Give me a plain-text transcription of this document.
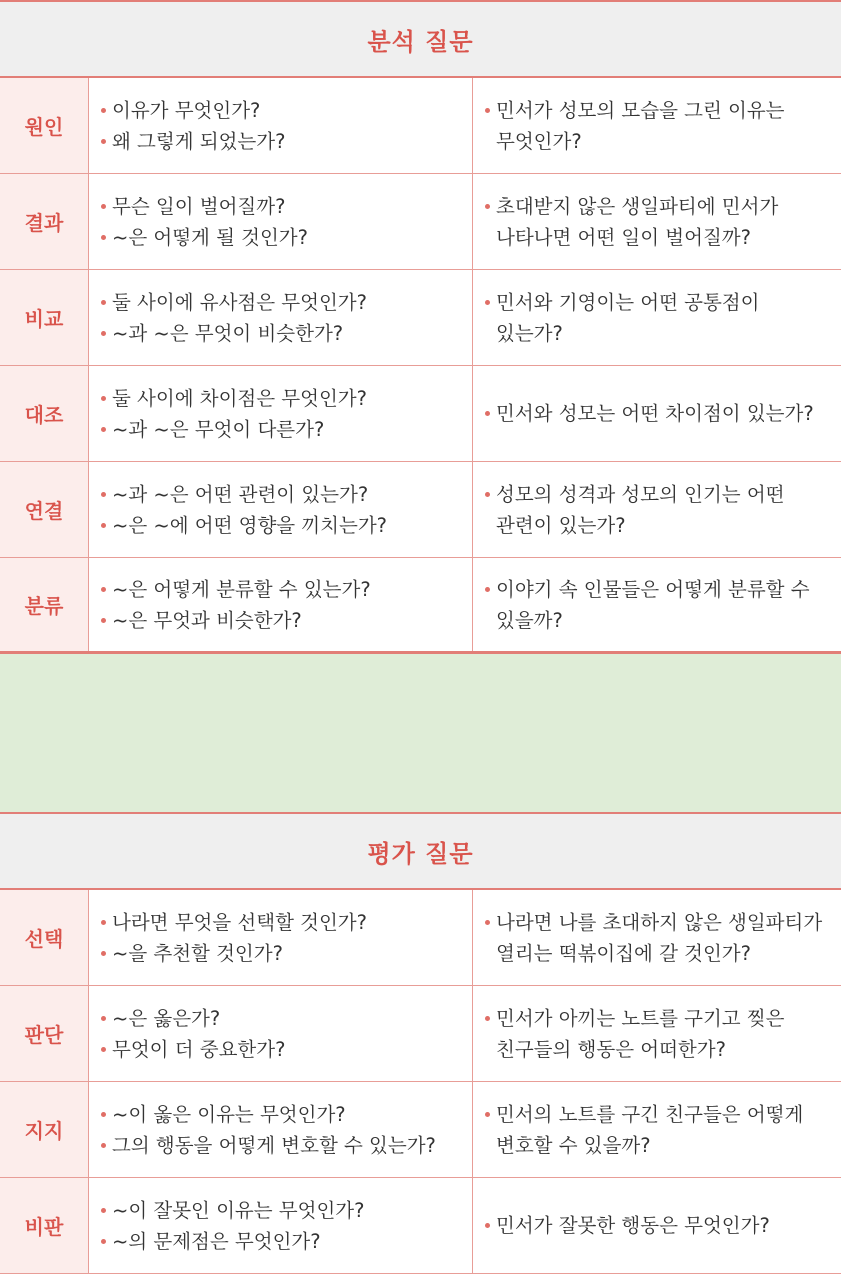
분석 질문
원인
이유가 무엇인가?
왜 그렇게 되었는가?
민서가 성모의 모습을 그린 이유는
무엇인가?
결과
무슨 일이 벌어질까?
~은 어떻게 될 것인가?
초대받지 않은 생일파티에 민서가
나타나면 어떤 일이 벌어질까?
비교
둘 사이에 유사점은 무엇인가?
~과 ~은 무엇이 비슷한가?
민서와 기영이는 어떤 공통점이
있는가?
대조
둘 사이에 차이점은 무엇인가?
~과 ~은 무엇이 다른가?
민서와 성모는 어떤 차이점이 있는가?
연결
~과 ~은 어떤 관련이 있는가?
~은 ~에 어떤 영향을 끼치는가?
성모의 성격과 성모의 인기는 어떤
관련이 있는가?
분류
~은 어떻게 분류할 수 있는가?
~은 무엇과 비슷한가?
이야기 속 인물들은 어떻게 분류할 수
있을까?
평가 질문
선택
나라면 무엇을 선택할 것인가?
~을 추천할 것인가?
나라면 나를 초대하지 않은 생일파티가
열리는 떡볶이집에 갈 것인가?
판단
~은 옳은가?
무엇이 더 중요한가?
민서가 아끼는 노트를 구기고 찢은
친구들의 행동은 어떠한가?
지지
~이 옳은 이유는 무엇인가?
그의 행동을 어떻게 변호할 수 있는가?
민서의 노트를 구긴 친구들은 어떻게
변호할 수 있을까?
비판
~이 잘못인 이유는 무엇인가?
~의 문제점은 무엇인가?
민서가 잘못한 행동은 무엇인가?
